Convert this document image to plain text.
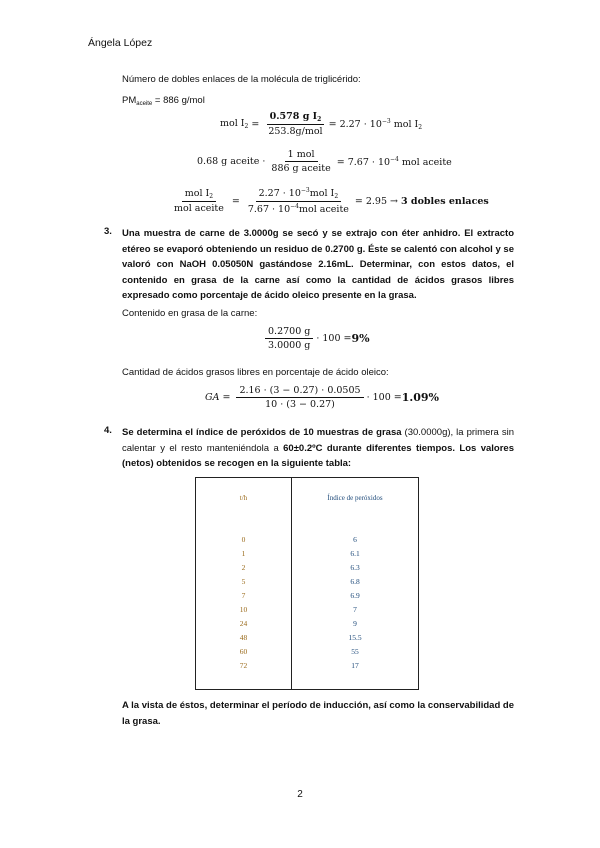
Ángela López
Número de dobles enlaces de la molécula de triglicérido:
$PM_{aceite} = 886$ g/mol
mol $I_2 = \frac{0.578 g I_2}{\text{253.8g/mol}} = 2.27 \cdot 10^{-3}$ mol $I_2$
0.68 g aceite · $\frac{\text{1 mol}}{\text{886 g aceite}} = 7.67 \cdot 10^{-4}$ mol aceite
$\frac{mol I_2}{\text{mol aceite}} = \frac{2.27 \cdot 10^{-3}mol I_2}{7.67 \cdot 10^{-4}mol aceite} = 2.95 \to 3$ dobles enlaces
3. Una muestra de carne de 3.0000g se secó y se extrajo con éter anhidro. El extracto etéreo se evaporó obteniendo un residuo de 0.2700 g. Éste se calentó con alcohol y se valoró con NaOH 0.05050N gastándose 2.16mL. Determinar, con estos datos, el contenido en grasa de la carne así como la cantidad de ácidos grasos libres expresado como porcentaje de ácido oleico presente en la grasa.
Contenido en grasa de la carne:
$\frac{0.2700 g}{3.0000 g} \cdot 100 = 9\%$
Cantidad de ácidos grasos libres en porcentaje de ácido oleico:
GA = $\frac{2.16 \cdot (3 - 0.27) \cdot 0.0505}{10 \cdot (3 - 0.27)} \cdot 100 = 1.09\%$
4. Se determina el índice de peróxidos de 10 muestras de grasa (30.0000g), la primera sin calentar y el resto manteniéndola a 60±0.2ºC durante diferentes tiempos. Los valores (netos) obtenidos se recogen en la siguiente tabla:
t/h	Índice de peróxidos
0	6
1	6.1
2	6.3
5	6.8
7	6.9
10	7
24	9
48	15.5
60	55
72	17
A la vista de éstos, determinar el período de inducción, así como la conservabilidad de la grasa.
2
